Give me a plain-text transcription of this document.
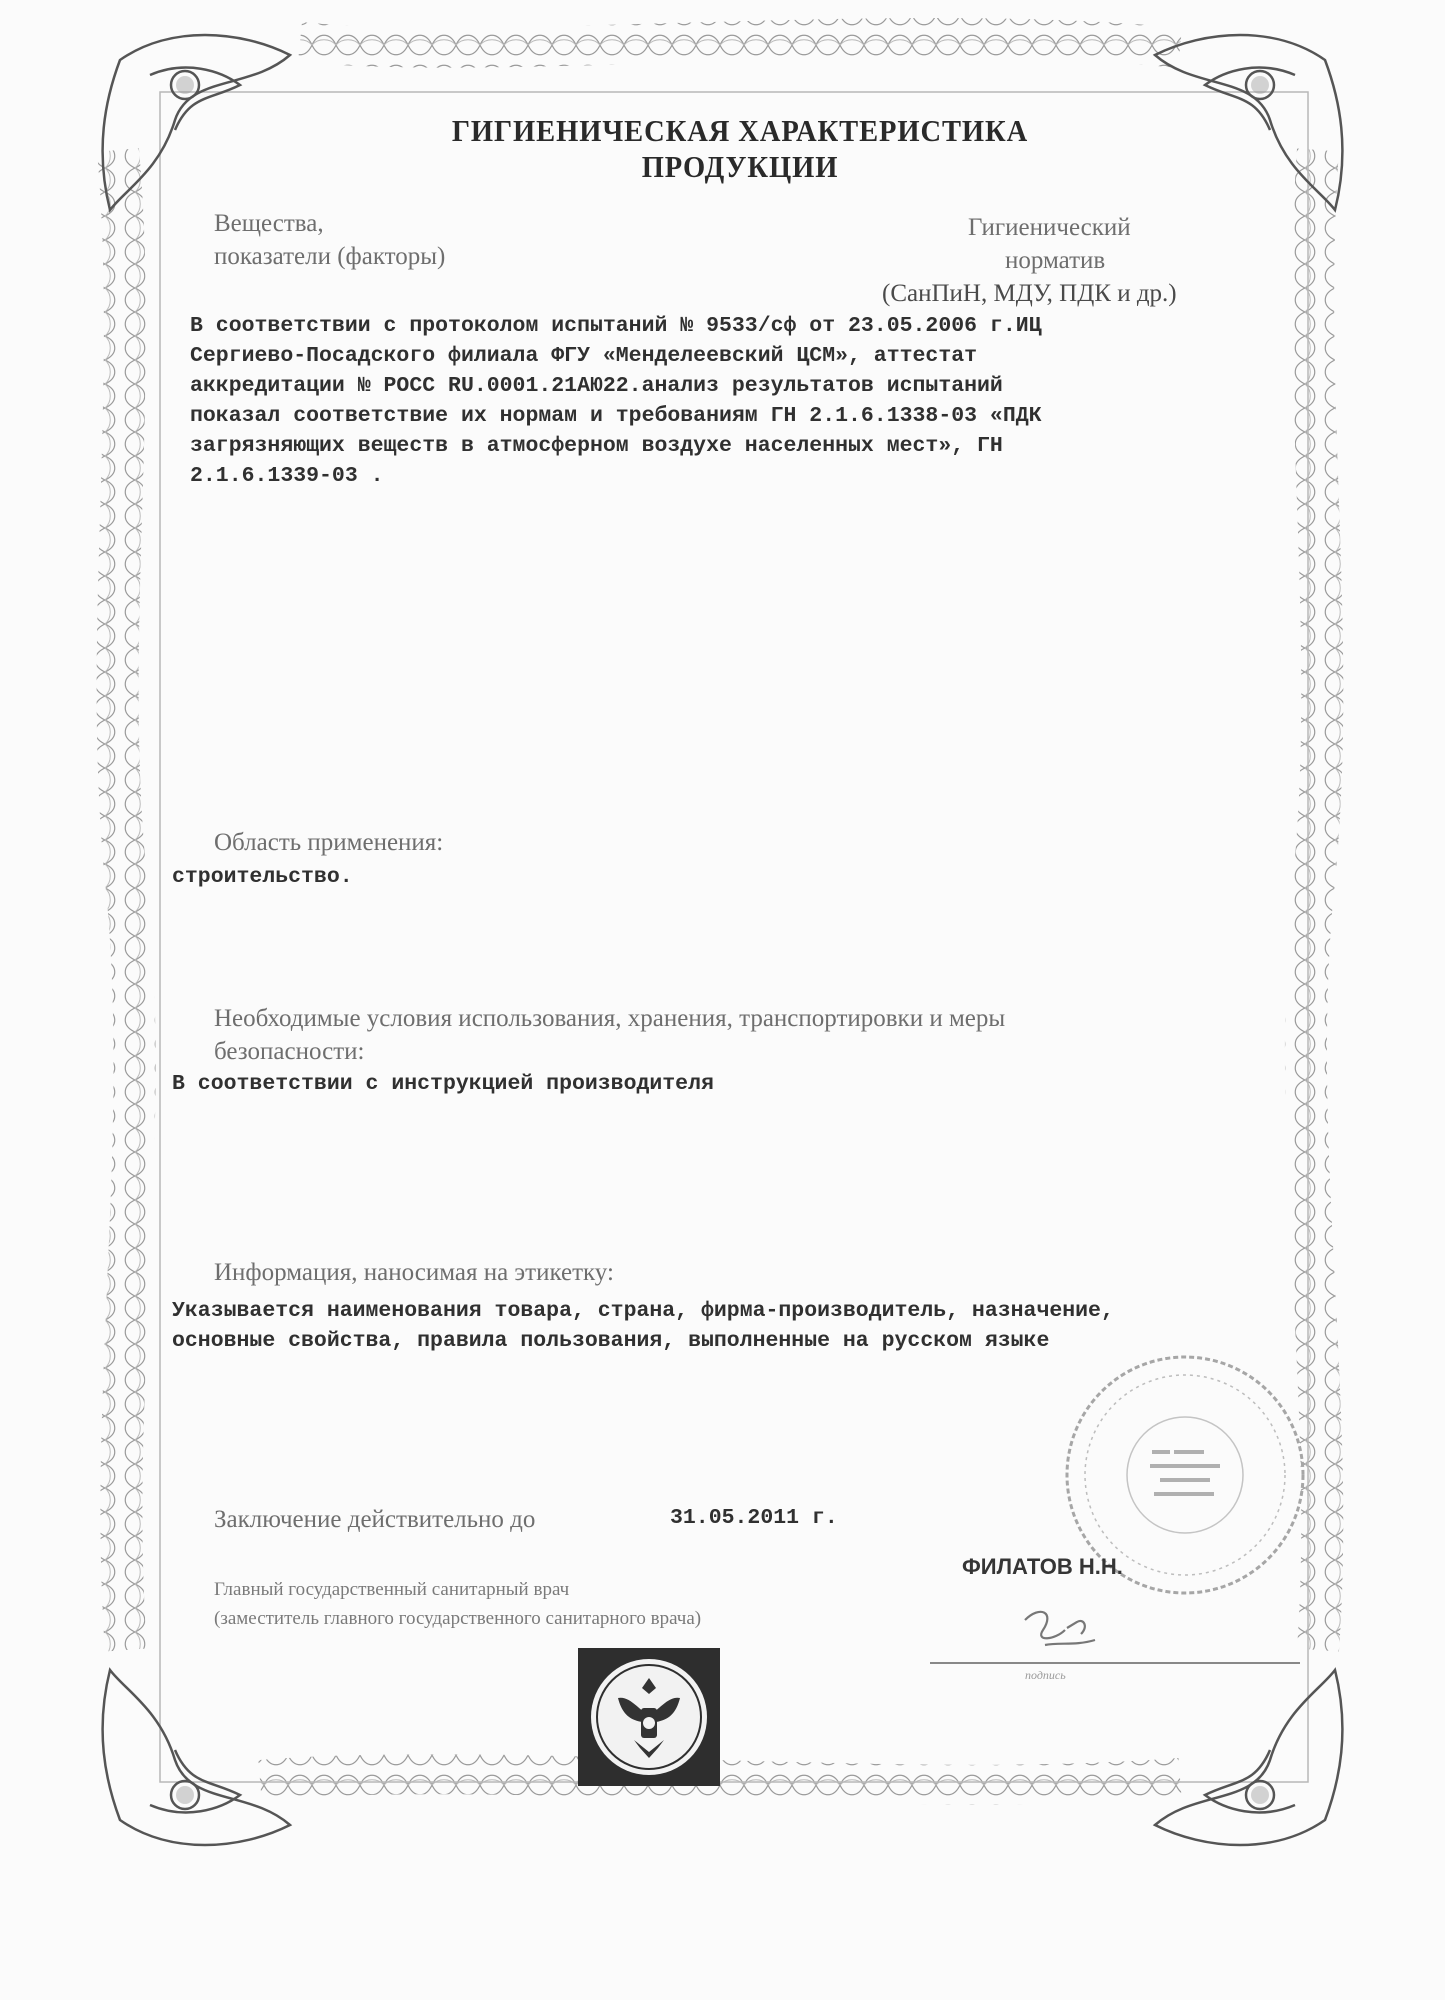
ГИГИЕНИЧЕСКАЯ ХАРАКТЕРИСТИКА ПРОДУКЦИИ
Вещества,
показатели (факторы)
Гигиенический
норматив
(СанПиН, МДУ, ПДК и др.)
В соответствии с протоколом испытаний № 9533/сф от 23.05.2006 г.ИЦ
Сергиево-Посадского филиала ФГУ «Менделеевский ЦСМ», аттестат
аккредитации № РОСС RU.0001.21АЮ22.анализ результатов испытаний
показал соответствие их нормам и требованиям ГН 2.1.6.1338-03 «ПДК
загрязняющих веществ в атмосферном воздухе населенных мест», ГН
2.1.6.1339-03 .
Область применения:
строительство.
Необходимые условия использования, хранения, транспортировки и меры
безопасности:
В соответствии с инструкцией производителя
Информация, наносимая на этикетку:
Указывается наименования товара, страна, фирма-производитель, назначение,
основные свойства, правила пользования, выполненные на русском языке
Заключение действительно до	31.05.2011 г.
ФИЛАТОВ Н.Н.
Главный государственный санитарный врач
(заместитель главного государственного санитарного врача)
подпись
